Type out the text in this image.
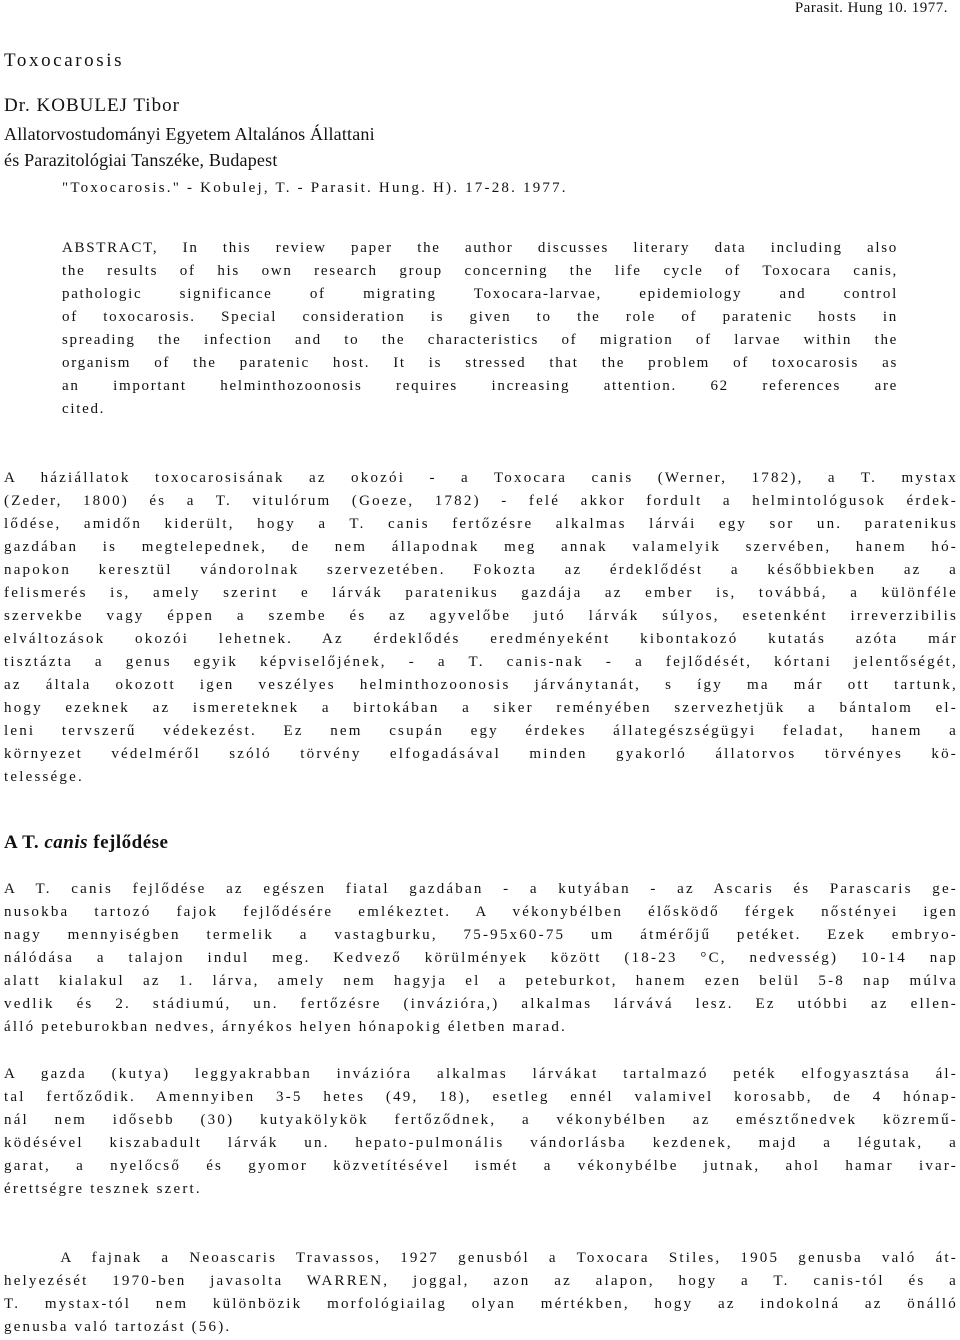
Parasit. Hung 10. 1977.
Toxocarosis
Dr. KOBULEJ Tibor
Allatorvostudományi Egyetem Altalános Állattani
és Parazitológiai Tanszéke, Budapest
"Toxocarosis." - Kobulej, T. - Parasit. Hung. H). 17-28. 1977.
ABSTRACT, In this review paper the author discusses literary data including also
the results of his own research group concerning the life cycle of Toxocara canis,
pathologic significance of migrating Toxocara-larvae, epidemiology and control
of toxocarosis. Special consideration is given to the role of paratenic hosts in
spreading the infection and to the characteristics of migration of larvae within the
organism of the paratenic host. It is stressed that the problem of toxocarosis as
an important helminthozoonosis requires increasing attention. 62 references are
cited.
A háziállatok toxocarosisának az okozói - a Toxocara canis (Werner, 1782), a T. mystax
(Zeder, 1800) és a T. vitulórum (Goeze, 1782) - felé akkor fordult a helmintológusok érdek-
lődése, amidőn kiderült, hogy a T. canis fertőzésre alkalmas lárvái egy sor un. paratenikus
gazdában is megtelepednek, de nem állapodnak meg annak valamelyik szervében, hanem hó-
napokon keresztül vándorolnak szervezetében. Fokozta az érdeklődést a későbbiekben az a
felismerés is, amely szerint e lárvák paratenikus gazdája az ember is, továbbá, a különféle
szervekbe vagy éppen a szembe és az agyvelőbe jutó lárvák súlyos, esetenként irreverzibilis
elváltozások okozói lehetnek. Az érdeklődés eredményeként kibontakozó kutatás azóta már
tisztázta a genus egyik képviselőjének, - a T. canis-nak - a fejlődését, kórtani jelentőségét,
az általa okozott igen veszélyes helminthozoonosis járványtanát, s így ma már ott tartunk,
hogy ezeknek az ismereteknek a birtokában a siker reményében szervezhetjük a bántalom el-
leni tervszerű védekezést. Ez nem csupán egy érdekes állategészségügyi feladat, hanem a
környezet védelméről szóló törvény elfogadásával minden gyakorló állatorvos törvényes kö-
telessége.
A T. canis fejlődése
A T. canis fejlődése az egészen fiatal gazdában - a kutyában - az Ascaris és Parascaris ge-
nusokba tartozó fajok fejlődésére emlékeztet. A vékonybélben élősködő férgek nőstényei igen
nagy mennyiségben termelik a vastagburku, 75-95x60-75 um átmérőjű petéket. Ezek embryo-
nálódása a talajon indul meg. Kedvező körülmények között (18-23 °C, nedvesség) 10-14 nap
alatt kialakul az 1. lárva, amely nem hagyja el a peteburkot, hanem ezen belül 5-8 nap múlva
vedlik és 2. stádiumú, un. fertőzésre (invázióra,) alkalmas lárvává lesz. Ez utóbbi az ellen-
álló peteburokban nedves, árnyékos helyen hónapokig életben marad.
A gazda (kutya) leggyakrabban invázióra alkalmas lárvákat tartalmazó peték elfogyasztása ál-
tal fertőződik. Amennyiben 3-5 hetes (49, 18), esetleg ennél valamivel korosabb, de 4 hónap-
nál nem idősebb (30) kutyakölykök fertőződnek, a vékonybélben az emésztőnedvek közremű-
ködésével kiszabadult lárvák un. hepato-pulmonális vándorlásba kezdenek, majd a légutak, a
garat, a nyelőcső és gyomor közvetítésével ismét a vékonybélbe jutnak, ahol hamar ivar-
érettségre tesznek szert.
A fajnak a Neoascaris Travassos, 1927 genusból a Toxocara Stiles, 1905 genusba való át-
helyezését 1970-ben javasolta WARREN, joggal, azon az alapon, hogy a T. canis-tól és a
T. mystax-tól nem különbözik morfológiailag olyan mértékben, hogy az indokolná az önálló
genusba való tartozást (56).
